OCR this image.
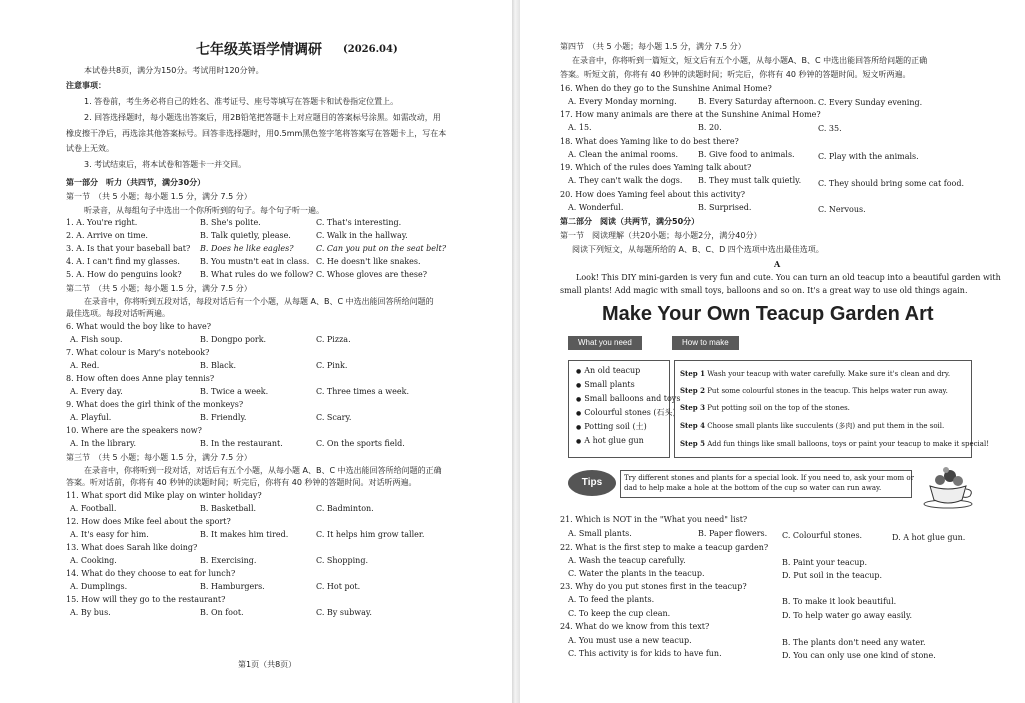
七年级英语学情调研 (2026.04)
本试卷共8页，满分为150分。考试用时120分钟。
注意事项：
1. 答卷前，考生务必将自己的姓名、准考证号、座号等填写在答题卡和试卷指定位置上。
2. 回答选择题时，每小题选出答案后，用2B铅笔把答题卡上对应题目的答案标号涂黑。如需改动，用
橡皮擦干净后，再选涂其他答案标号。回答非选择题时，用0.5mm黑色签字笔将答案写在答题卡上，写在本
试卷上无效。
3. 考试结束后，将本试卷和答题卡一并交回。
第一部分　听力（共四节，满分30分）
第一节　（共 5 小题；每小题 1.5 分，满分 7.5 分）
听录音，从每组句子中选出一个你所听到的句子。每个句子听一遍。
1. A. You're right.	B. She's polite.	C. That's interesting.
2. A. Arrive on time.	B. Talk quietly, please.	C. Walk in the hallway.
3. A. Is that your baseball bat? B. Does he like eagles?	C. Can you put on the seat belt?
4. A. I can't find my glasses.	B. You mustn't eat in class. C. He doesn't like snakes.
5. A. How do penguins look? B. What rules do we follow? C. Whose gloves are these?
第二节　（共 5 小题；每小题 1.5 分，满分 7.5 分）
在录音中，你将听到五段对话，每段对话后有一个小题，从每题 A、B、C 中选出能回答所给问题的
最佳选项。每段对话听两遍。
6. What would the boy like to have?
A. Fish soup.	B. Dongpo pork.	C. Pizza.
7. What colour is Mary's notebook?
A. Red.	B. Black.	C. Pink.
8. How often does Anne play tennis?
A. Every day.	B. Twice a week.	C. Three times a week.
9. What does the girl think of the monkeys?
A. Playful.	B. Friendly.	C. Scary.
10. Where are the speakers now?
A. In the library.	B. In the restaurant.	C. On the sports field.
第三节　（共 5 小题；每小题 1.5 分，满分 7.5 分）
在录音中，你将听到一段对话，对话后有五个小题，从每小题 A、B、C 中选出能回答所给问题的正确
答案。听对话前，你将有 40 秒钟的读题时间；听完后，你将有 40 秒钟的答题时间。对话听两遍。
11. What sport did Mike play on winter holiday?
A. Football.	B. Basketball.	C. Badminton.
12. How does Mike feel about the sport?
A. It's easy for him.	B. It makes him tired.	C. It helps him grow taller.
13. What does Sarah like doing?
A. Cooking.	B. Exercising.	C. Shopping.
14. What do they choose to eat for lunch?
A. Dumplings.	B. Hamburgers.	C. Hot pot.
15. How will they go to the restaurant?
A. By bus.	B. On foot.	C. By subway.
第1页（共8页）
第四节　（共 5 小题；每小题 1.5 分，满分 7.5 分）
在录音中，你将听到一篇短文，短文后有五个小题，从每小题A、B、C 中选出能回答所给问题的正确
答案。听短文前，你将有 40 秒钟的读题时间；听完后，你将有 40 秒钟的答题时间。短文听两遍。
16. When do they go to the Sunshine Animal Home?
A. Every Monday morning.	B. Every Saturday afternoon. C. Every Sunday evening.
17. How many animals are there at the Sunshine Animal Home?
A. 15.	B. 20.	C. 35.
18. What does Yaming like to do best there?
A. Clean the animal rooms. B. Give food to animals.	C. Play with the animals.
19. Which of the rules does Yaming talk about?
A. They can't walk the dogs. B. They must talk quietly. C. They should bring some cat food.
20. How does Yaming feel about this activity?
A. Wonderful.	B. Surprised.	C. Nervous.
第二部分　阅读（共两节，满分50分）
第一节　阅读理解（共20小题；每小题2分，满分40分）
阅读下列短文，从每题所给的 A、B、C、D 四个选项中选出最佳选项。
A
Look! This DIY mini-garden is very fun and cute. You can turn an old teacup into a beautiful garden with
small plants! Add magic with small toys, balloons and so on. It's a great way to use old things again.
Make Your Own Teacup Garden Art
What you need	How to make
● An old teacup
● Small plants
● Small balloons and toys
● Colourful stones (石头)
● Potting soil (土)
● A hot glue gun
Step 1 Wash your teacup with water carefully. Make sure it's clean and dry.
Step 2 Put some colourful stones in the teacup. This helps water run away.
Step 3 Put potting soil on the top of the stones.
Step 4 Choose small plants like succulents (多肉) and put them in the soil.
Step 5 Add fun things like small balloons, toys or paint your teacup to make it special!
Tips	Try different stones and plants for a special look. If you need to, ask your mom or
dad to help make a hole at the bottom of the cup so water can run away.
21. Which is NOT in the "What you need" list?
A. Small plants.	B. Paper flowers. C. Colourful stones.	D. A hot glue gun.
22. What is the first step to make a teacup garden?
A. Wash the teacup carefully.	B. Paint your teacup.
C. Water the plants in the teacup.	D. Put soil in the teacup.
23. Why do you put stones first in the teacup?
A. To feed the plants.	B. To make it look beautiful.
C. To keep the cup clean.	D. To help water go away easily.
24. What do we know from this text?
A. You must use a new teacup.	B. The plants don't need any water.
C. This activity is for kids to have fun.	D. You can only use one kind of stone.
